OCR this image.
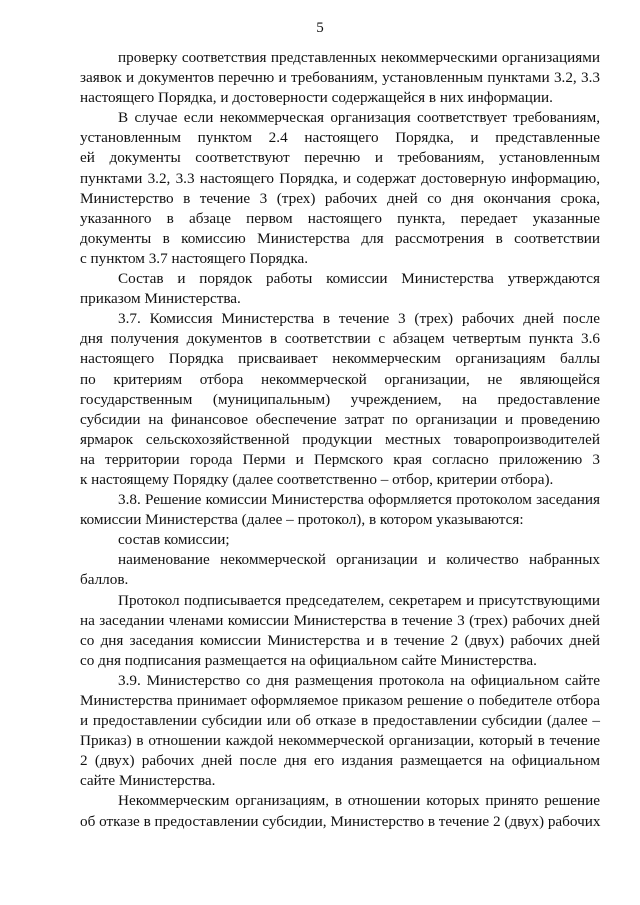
5
проверку соответствия представленных некоммерческими организациями
заявок и документов перечню и требованиям, установленным пунктами 3.2, 3.3
настоящего Порядка, и достоверности содержащейся в них информации.
В случае если некоммерческая организация соответствует требованиям,
установленным пунктом 2.4 настоящего Порядка, и представленные
ей документы соответствуют перечню и требованиям, установленным
пунктами 3.2, 3.3 настоящего Порядка, и содержат достоверную информацию,
Министерство в течение 3 (трех) рабочих дней со дня окончания срока,
указанного в абзаце первом настоящего пункта, передает указанные
документы в комиссию Министерства для рассмотрения в соответствии
с пунктом 3.7 настоящего Порядка.
Состав и порядок работы комиссии Министерства утверждаются
приказом Министерства.
3.7. Комиссия Министерства в течение 3 (трех) рабочих дней после
дня получения документов в соответствии с абзацем четвертым пункта 3.6
настоящего Порядка присваивает некоммерческим организациям баллы
по критериям отбора некоммерческой организации, не являющейся
государственным (муниципальным) учреждением, на предоставление
субсидии на финансовое обеспечение затрат по организации и проведению
ярмарок сельскохозяйственной продукции местных товаропроизводителей
на территории города Перми и Пермского края согласно приложению 3
к настоящему Порядку (далее соответственно – отбор, критерии отбора).
3.8. Решение комиссии Министерства оформляется протоколом заседания
комиссии Министерства (далее – протокол), в котором указываются:
состав комиссии;
наименование некоммерческой организации и количество набранных
баллов.
Протокол подписывается председателем, секретарем и присутствующими
на заседании членами комиссии Министерства в течение 3 (трех) рабочих дней
со дня заседания комиссии Министерства и в течение 2 (двух) рабочих дней
со дня подписания размещается на официальном сайте Министерства.
3.9. Министерство со дня размещения протокола на официальном сайте
Министерства принимает оформляемое приказом решение о победителе отбора
и предоставлении субсидии или об отказе в предоставлении субсидии (далее –
Приказ) в отношении каждой некоммерческой организации, который в течение
2 (двух) рабочих дней после дня его издания размещается на официальном
сайте Министерства.
Некоммерческим организациям, в отношении которых принято решение
об отказе в предоставлении субсидии, Министерство в течение 2 (двух) рабочих
